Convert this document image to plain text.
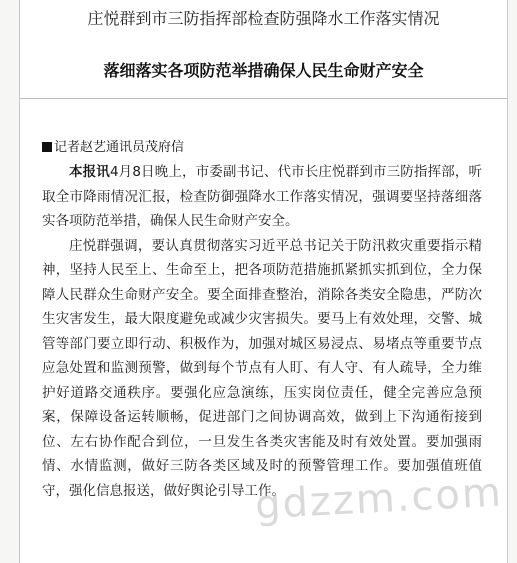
庄悦群到市三防指挥部检查防强降水工作落实情况
落细落实各项防范举措确保人民生命财产安全
记者赵艺通讯员茂府信

本报讯4月8日晚上，市委副书记、代市长庄悦群到市三防指挥部，听取全市降雨情况汇报，检查防御强降水工作落实情况，强调要坚持落细落实各项防范举措，确保人民生命财产安全。

庄悦群强调，要认真贯彻落实习近平总书记关于防汛救灾重要指示精神，坚持人民至上、生命至上，把各项防范措施抓紧抓实抓到位，全力保障人民群众生命财产安全。要全面排查整治，消除各类安全隐患，严防次生灾害发生，最大限度避免或减少灾害损失。要马上有效处理，交警、城管等部门要立即行动、积极作为，加强对城区易浸点、易堵点等重要节点应急处置和监测预警，做到每个节点有人盯、有人守、有人疏导，全力维护好道路交通秩序。要强化应急演练，压实岗位责任，健全完善应急预案，保障设备运转顺畅，促进部门之间协调高效，做到上下沟通衔接到位、左右协作配合到位，一旦发生各类灾害能及时有效处置。要加强雨情、水情监测，做好三防各类区域及时的预警管理工作。要加强值班值守，强化信息报送，做好舆论引导工作。

gdzzm.com
